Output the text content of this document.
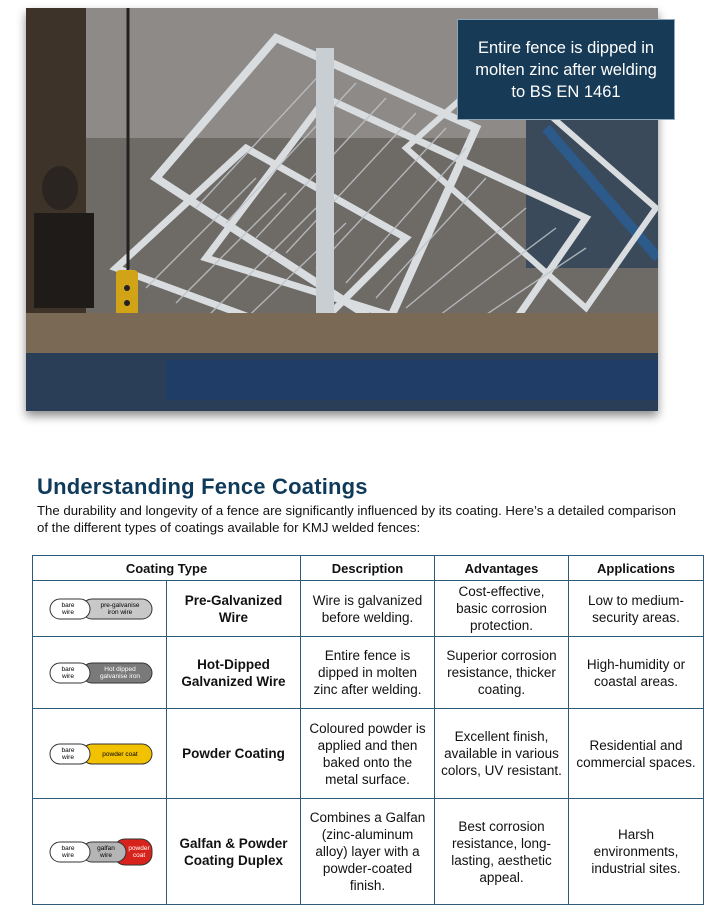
Entire fence is dipped in molten zinc after welding to BS EN 1461
Understanding Fence Coatings

The durability and longevity of a fence are significantly influenced by its coating. Here’s a detailed comparison of the different types of coatings available for KMJ welded fences:

Coating Type		Description	Advantages	Applications

bare wire
pre-galvanise iron wire	Pre-Galvanized Wire	Wire is galvanized before welding.	Cost-effective, basic corrosion protection.	Low to medium-security areas.

bare wire
Hot dipped galvanise iron	Hot-Dipped Galvanized Wire	Entire fence is dipped in molten zinc after welding.	Superior corrosion resistance, thicker coating.	High-humidity or coastal areas.

bare wire powder coat	Powder Coating	Coloured powder is applied and then baked onto the metal surface.	Excellent finish, available in various colors, UV resistant.	Residential and commercial spaces.

bare wire
galfan wire
powder coat	Galfan & Powder Coating Duplex	Combines a Galfan (zinc-aluminum alloy) layer with a powder-coated finish.	Best corrosion resistance, long-lasting, aesthetic appeal.	Harsh environments, industrial sites.
